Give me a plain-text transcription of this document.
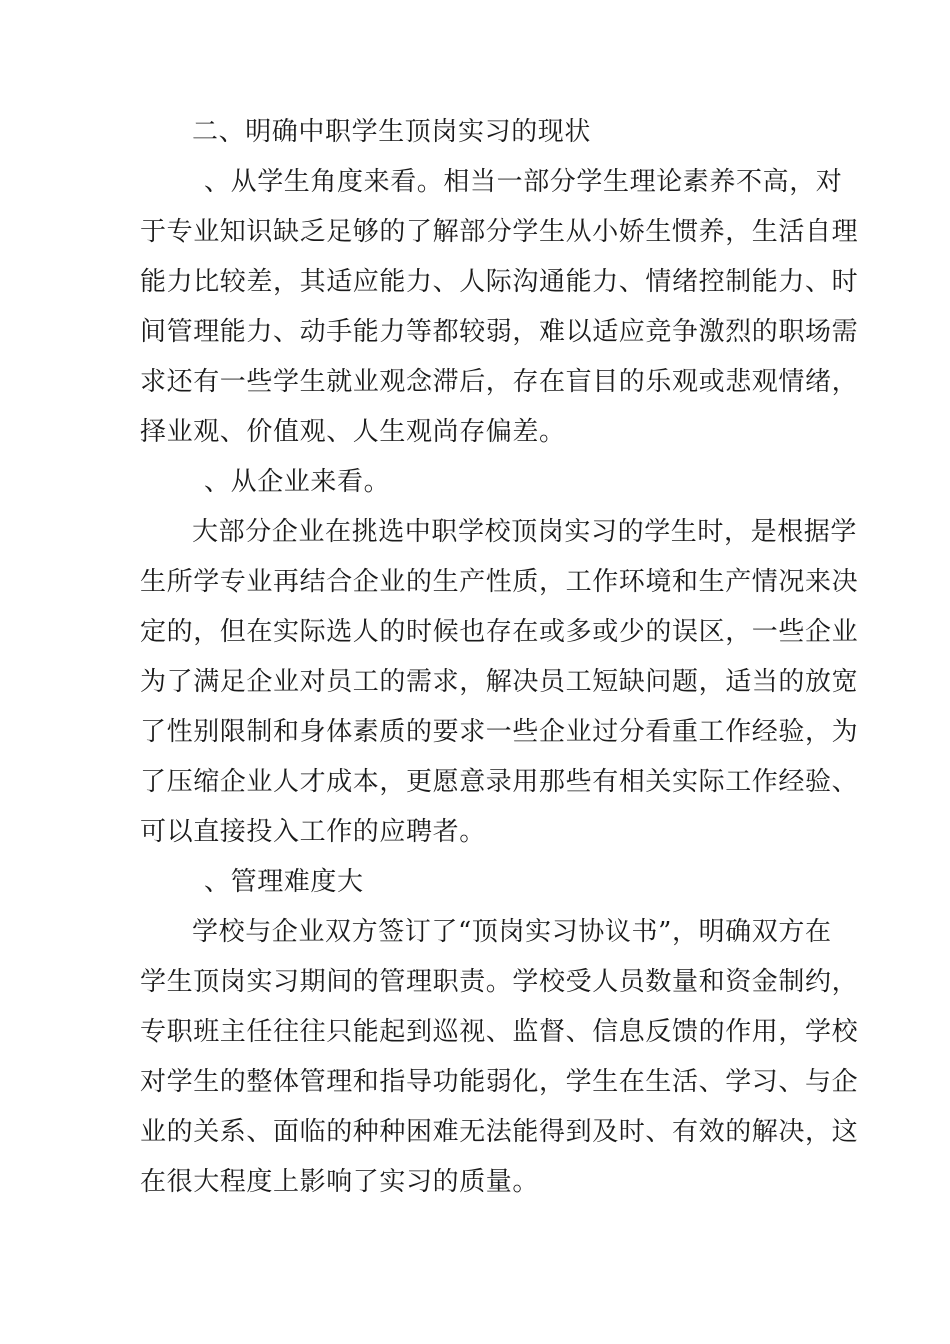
二、明确中职学生顶岗实习的现状
、从学生角度来看。相当一部分学生理论素养不高，对
于专业知识缺乏足够的了解部分学生从小娇生惯养，生活自理
能力比较差，其适应能力、人际沟通能力、情绪控制能力、时
间管理能力、动手能力等都较弱，难以适应竞争激烈的职场需
求还有一些学生就业观念滞后，存在盲目的乐观或悲观情绪，
择业观、价值观、人生观尚存偏差。
、从企业来看。
大部分企业在挑选中职学校顶岗实习的学生时，是根据学
生所学专业再结合企业的生产性质，工作环境和生产情况来决
定的，但在实际选人的时候也存在或多或少的误区，一些企业
为了满足企业对员工的需求，解决员工短缺问题，适当的放宽
了性别限制和身体素质的要求一些企业过分看重工作经验，为
了压缩企业人才成本，更愿意录用那些有相关实际工作经验、
可以直接投入工作的应聘者。
、管理难度大
学校与企业双方签订了“顶岗实习协议书”，明确双方在
学生顶岗实习期间的管理职责。学校受人员数量和资金制约，
专职班主任往往只能起到巡视、监督、信息反馈的作用，学校
对学生的整体管理和指导功能弱化，学生在生活、学习、与企
业的关系、面临的种种困难无法能得到及时、有效的解决，这
在很大程度上影响了实习的质量。
